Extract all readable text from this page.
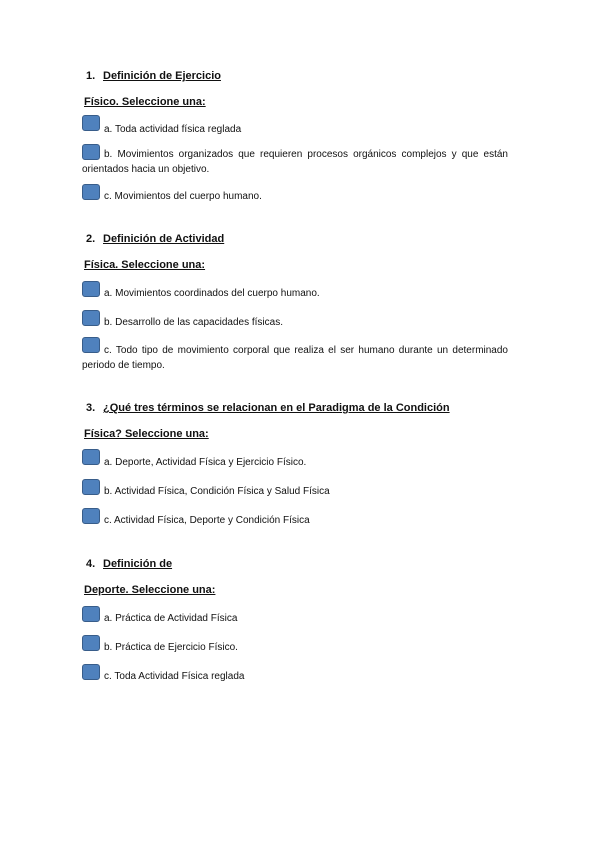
1. Definición de Ejercicio
Físico. Seleccione una:
a. Toda actividad física reglada
b. Movimientos organizados que requieren procesos orgánicos complejos y que están orientados hacia un objetivo.
c. Movimientos del cuerpo humano.
2. Definición de Actividad
Física. Seleccione una:
a. Movimientos coordinados del cuerpo humano.
b. Desarrollo de las capacidades físicas.
c. Todo tipo de movimiento corporal que realiza el ser humano durante un determinado periodo de tiempo.
3. ¿Qué tres términos se relacionan en el Paradigma de la Condición
Física? Seleccione una:
a. Deporte, Actividad Física y Ejercicio Físico.
b. Actividad Física, Condición Física y Salud Física
c. Actividad Física, Deporte y Condición Física
4. Definición de
Deporte. Seleccione una:
a. Práctica de Actividad Física
b. Práctica de Ejercicio Físico.
c. Toda Actividad Física reglada
